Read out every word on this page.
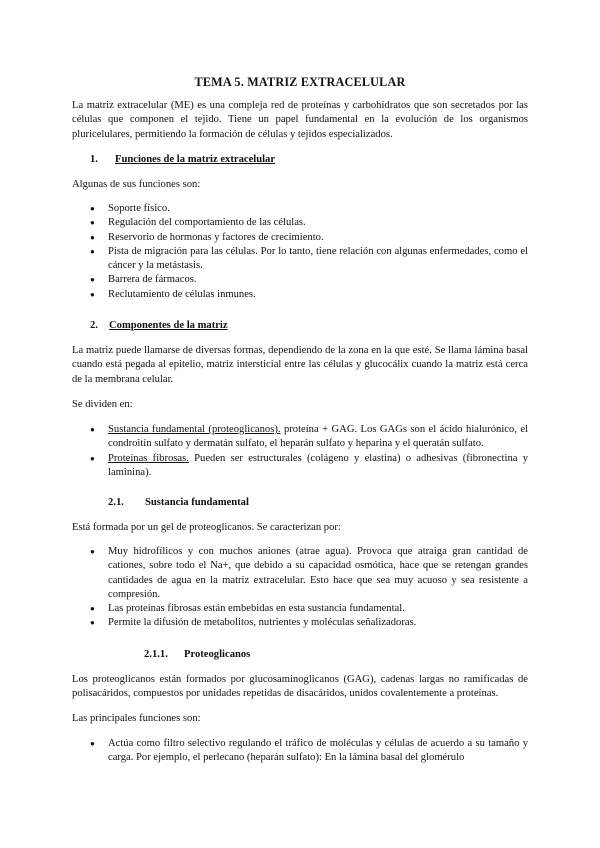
TEMA 5. MATRIZ EXTRACELULAR
La matriz extracelular (ME) es una compleja red de proteínas y carbohidratos que son secretados por las células que componen el tejido. Tiene un papel fundamental en la evolución de los organismos pluricelulares, permitiendo la formación de células y tejidos especializados.
1. Funciones de la matriz extracelular
Algunas de sus funciones son:
● Soporte físico.
● Regulación del comportamiento de las células.
● Reservorio de hormonas y factores de crecimiento.
● Pista de migración para las células. Por lo tanto, tiene relación con algunas enfermedades, como el cáncer y la metástasis.
● Barrera de fármacos.
● Reclutamiento de células inmunes.
2. Componentes de la matriz
La matriz puede llamarse de diversas formas, dependiendo de la zona en la que esté. Se llama lámina basal cuando está pegada al epitelio, matriz intersticial entre las células y glucocálix cuando la matriz está cerca de la membrana celular.
Se dividen en:
● Sustancia fundamental (proteoglicanos). proteína + GAG. Los GAGs son el ácido hialurónico, el condroitín sulfato y dermatán sulfato, el heparán sulfato y heparina y el queratán sulfato.
● Proteínas fibrosas. Pueden ser estructurales (colágeno y elastina) o adhesivas (fibronectina y laminina).
2.1. Sustancia fundamental
Está formada por un gel de proteoglicanos. Se caracterizan por:
● Muy hidrofílicos y con muchos aniones (atrae agua). Provoca que atraiga gran cantidad de cationes, sobre todo el Na+, que debido a su capacidad osmótica, hace que se retengan grandes cantidades de agua en la matriz extracelular. Esto hace que sea muy acuoso y sea resistente a compresión.
● Las proteínas fibrosas están embebidas en esta sustancia fundamental.
● Permite la difusión de metabolitos, nutrientes y moléculas señalizadoras.
2.1.1. Proteoglicanos
Los proteoglicanos están formados por glucosaminoglicanos (GAG), cadenas largas no ramificadas de polisacáridos, compuestos por unidades repetidas de disacáridos, unidos covalentemente a proteínas.
Las principales funciones son:
● Actúa como filtro selectivo regulando el tráfico de moléculas y células de acuerdo a su tamaño y carga. Por ejemplo, el perlecano (heparán sulfato): En la lámina basal del glomérulo
